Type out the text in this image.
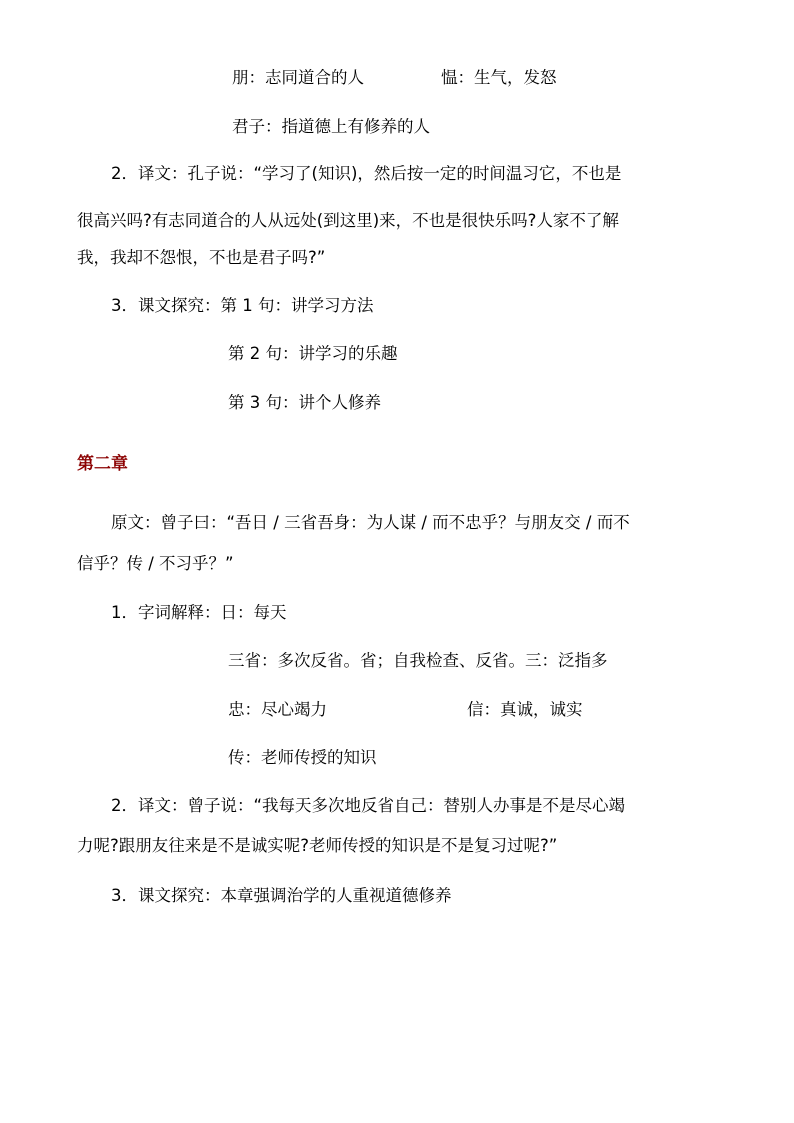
朋：志同道合的人	愠：生气，发怒

君子：指道德上有修养的人

2．译文：孔子说：“学习了(知识)，然后按一定的时间温习它，不也是

很高兴吗?有志同道合的人从远处(到这里)来，不也是很快乐吗?人家不了解

我，我却不怨恨，不也是君子吗?”

3．课文探究：第 1 句：讲学习方法

第 2 句：讲学习的乐趣

第 3 句：讲个人修养

第二章

原文：曾子曰：“吾日 / 三省吾身：为人谋 / 而不忠乎？与朋友交 / 而不

信乎？传 / 不习乎？”

1．字词解释：日：每天

三省：多次反省。省；自我检查、反省。三：泛指多

忠：尽心竭力	信：真诚，诚实

传：老师传授的知识

2．译文：曾子说：“我每天多次地反省自己：替别人办事是不是尽心竭

力呢?跟朋友往来是不是诚实呢?老师传授的知识是不是复习过呢?”

3．课文探究：本章强调治学的人重视道德修养
